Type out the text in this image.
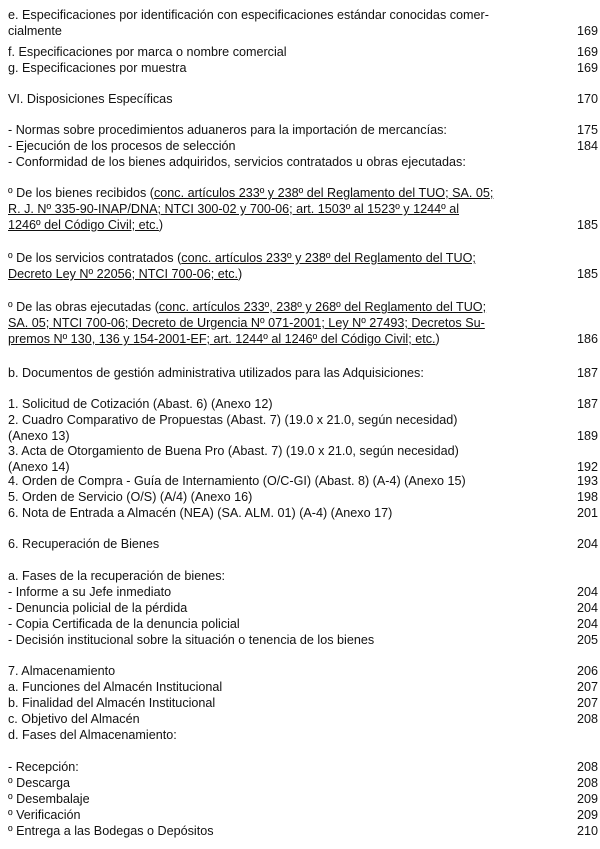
e. Especificaciones por identificación con especificaciones estándar conocidas comer-
cialmente	169
f. Especificaciones por marca o nombre comercial	169
g. Especificaciones por muestra	169
VI. Disposiciones Específicas	170
- Normas sobre procedimientos aduaneros para la importación de mercancías:	175
- Ejecución de los procesos de selección	184
- Conformidad de los bienes adquiridos, servicios contratados u obras ejecutadas:
º De los bienes recibidos (conc. artículos 233º y 238º del Reglamento del TUO; SA. 05;
R. J. Nº 335-90-INAP/DNA; NTCI 300-02 y 700-06; art. 1503º al 1523º y 1244º al
1246º del Código Civil; etc.)	185
º De los servicios contratados (conc. artículos 233º y 238º del Reglamento del TUO;
Decreto Ley Nº 22056; NTCI 700-06; etc.)	185
º De las obras ejecutadas (conc. artículos 233º, 238º y 268º del Reglamento del TUO;
SA. 05; NTCI 700-06; Decreto de Urgencia Nº 071-2001; Ley Nº 27493; Decretos Su-
premos Nº 130, 136 y 154-2001-EF; art. 1244º al 1246º del Código Civil; etc.)	186
b. Documentos de gestión administrativa utilizados para las Adquisiciones:	187
1. Solicitud de Cotización (Abast. 6) (Anexo 12)	187
2. Cuadro Comparativo de Propuestas (Abast. 7) (19.0 x 21.0, según necesidad)
(Anexo 13)	189
3. Acta de Otorgamiento de Buena Pro (Abast. 7) (19.0 x 21.0, según necesidad)
(Anexo 14)	192
4. Orden de Compra - Guía de Internamiento (O/C-GI) (Abast. 8) (A-4) (Anexo 15)	193
5. Orden de Servicio (O/S) (A/4) (Anexo 16)	198
6. Nota de Entrada a Almacén (NEA) (SA. ALM. 01) (A-4) (Anexo 17)	201
6. Recuperación de Bienes	204
a. Fases de la recuperación de bienes:
- Informe a su Jefe inmediato	204
- Denuncia policial de la pérdida	204
- Copia Certificada de la denuncia policial	204
- Decisión institucional sobre la situación o tenencia de los bienes	205
7. Almacenamiento	206
a. Funciones del Almacén Institucional	207
b. Finalidad del Almacén Institucional	207
c. Objetivo del Almacén	208
d. Fases del Almacenamiento:
- Recepción:	208
º Descarga	208
º Desembalaje	209
º Verificación	209
º Entrega a las Bodegas o Depósitos	210
